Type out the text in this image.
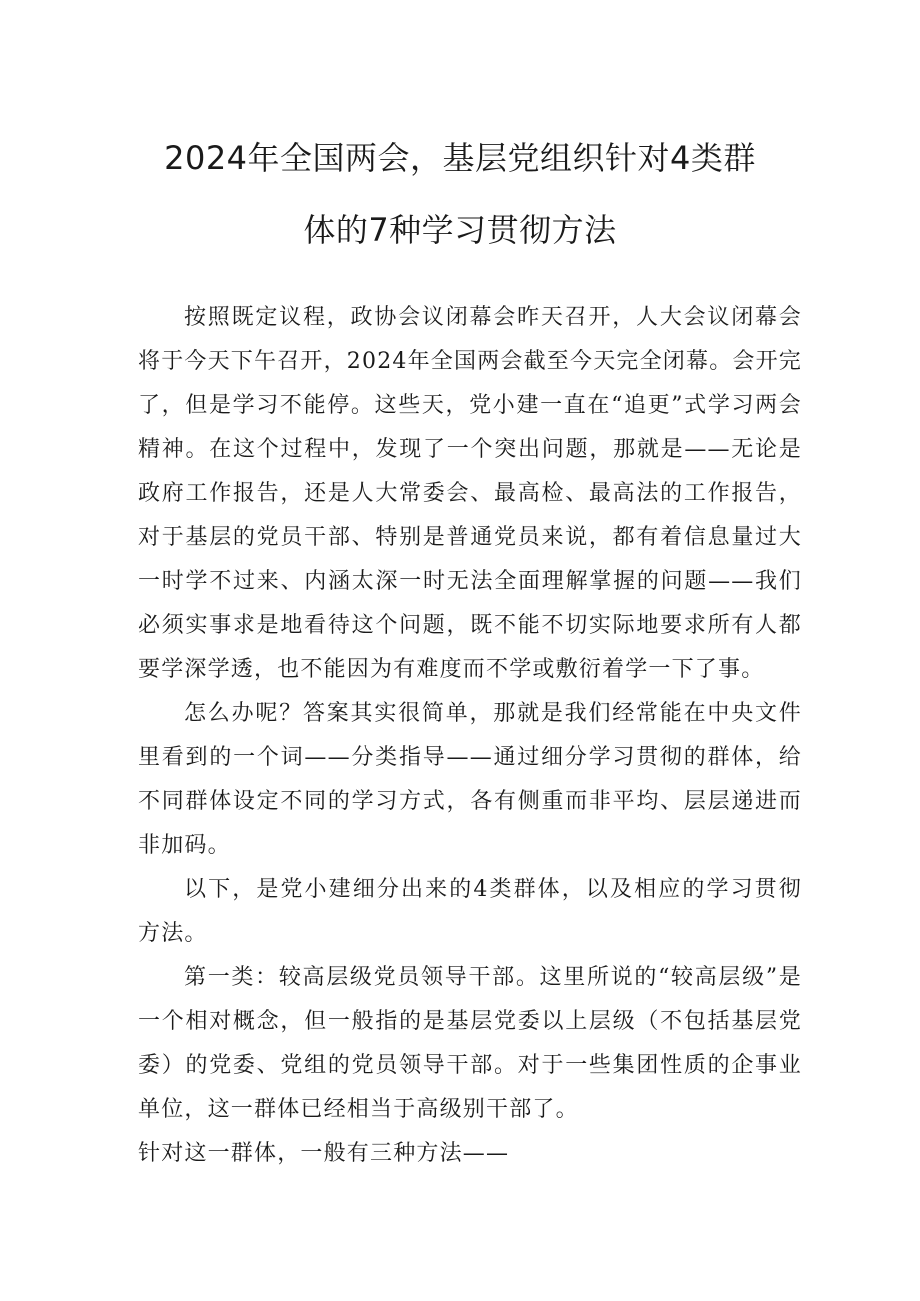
2024年全国两会，基层党组织针对4类群
体的7种学习贯彻方法

按照既定议程，政协会议闭幕会昨天召开，人大会议闭幕会将于今天下午召开，2024年全国两会截至今天完全闭幕。会开完了，但是学习不能停。这些天，党小建一直在“追更”式学习两会精神。在这个过程中，发现了一个突出问题，那就是——无论是政府工作报告，还是人大常委会、最高检、最高法的工作报告，对于基层的党员干部、特别是普通党员来说，都有着信息量过大一时学不过来、内涵太深一时无法全面理解掌握的问题——我们必须实事求是地看待这个问题，既不能不切实际地要求所有人都要学深学透，也不能因为有难度而不学或敷衍着学一下了事。

怎么办呢？答案其实很简单，那就是我们经常能在中央文件里看到的一个词——分类指导——通过细分学习贯彻的群体，给不同群体设定不同的学习方式，各有侧重而非平均、层层递进而非加码。

以下，是党小建细分出来的4类群体，以及相应的学习贯彻方法。

第一类：较高层级党员领导干部。这里所说的“较高层级”是一个相对概念，但一般指的是基层党委以上层级（不包括基层党委）的党委、党组的党员领导干部。对于一些集团性质的企事业单位，这一群体已经相当于高级别干部了。

针对这一群体，一般有三种方法——
